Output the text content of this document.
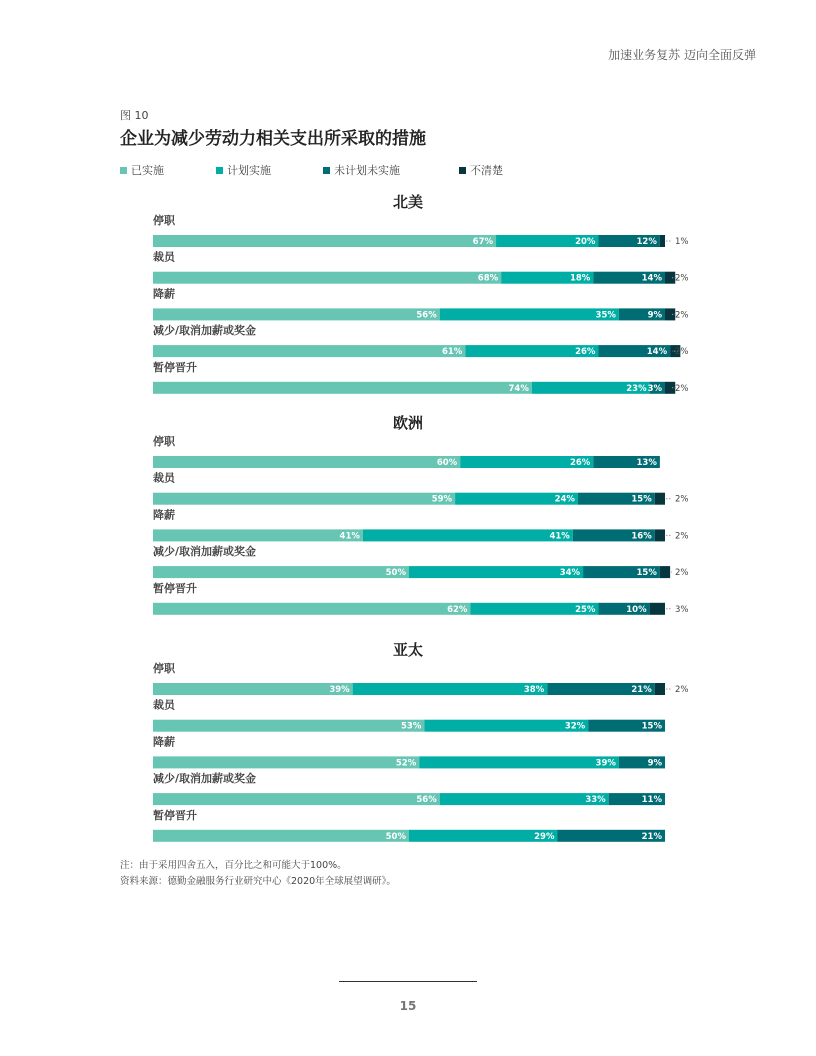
加速业务复苏 迈向全面反弹
图 10
企业为减少劳动力相关支出所采取的措施
已实施	计划实施	未计划未实施	不清楚
北美
停职
67%	20%	12% 1%
裁员
68%	18%	14% 2%
降薪
56%	35%	9% 2%
减少/取消加薪或奖金
61%	26%	14% 2%
暂停晋升
74%	23% 3% 2%
欧洲
停职
60%	26%	13%
裁员
59%	24%	15%	2%
降薪
41%	41%	16%	2%
减少/取消加薪或奖金
50%	34%	15% 2%
暂停晋升
62%	25%	10%	3%
亚太
停职
39%	38%	21%	2%
裁员
53%	32%	15%
降薪
52%	39%	9%
减少/取消加薪或奖金
56%	33%	11%
暂停晋升
50%	29%	21%
注：由于采用四舍五入，百分比之和可能大于100%。
资料来源：德勤金融服务行业研究中心《2020年全球展望调研》。
15
